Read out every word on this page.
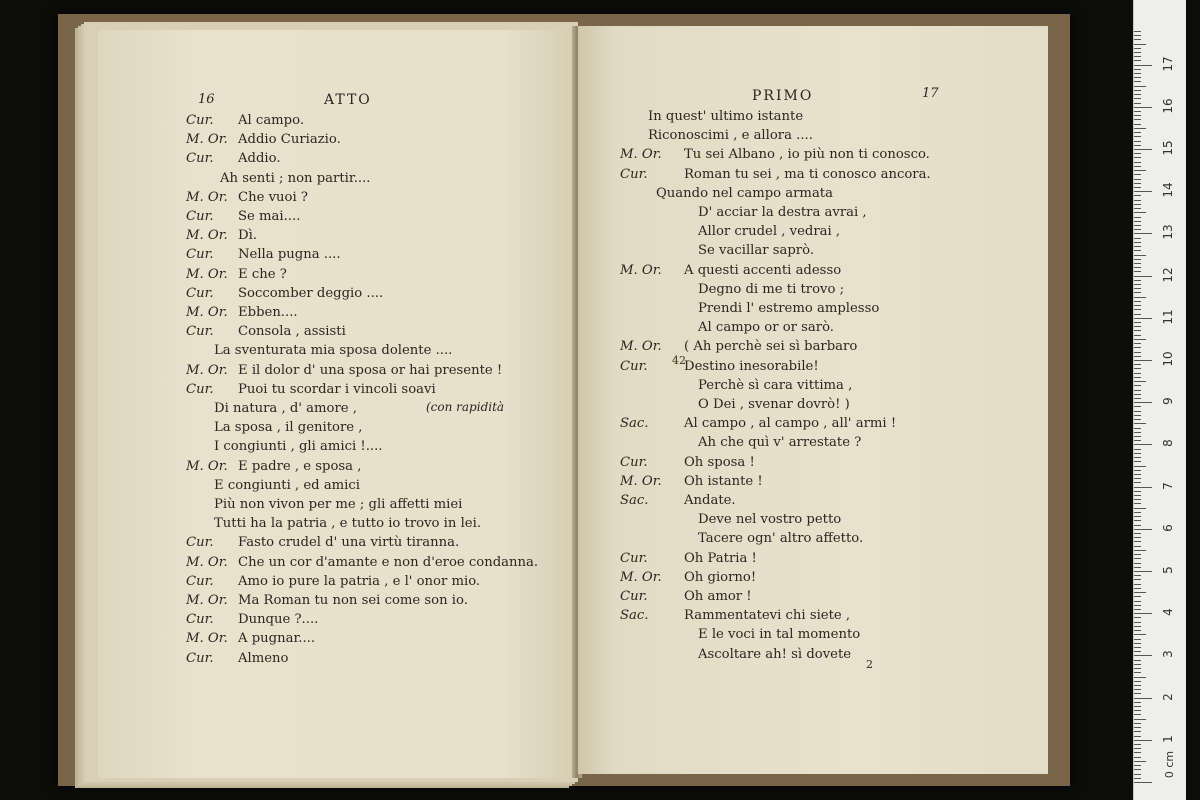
16	ATTO
Cur. Al campo.
M. Or. Addio Curiazio.
Cur. Addio.
Ah senti ; non partir....
M. Or. Che vuoi ?
Cur. Se mai....
M. Or. Dì.
Cur. Nella pugna ....
M. Or. E che ?
Cur. Soccomber deggio ....
M. Or. Ebben....
Cur. Consola , assisti
La sventurata mia sposa dolente ....
M. Or. E il dolor d' una sposa or hai presente !
Cur. Puoi tu scordar i vincoli soavi
Di natura , d' amore ,
La sposa , il genitore ,
I congiunti , gli amici !....
M. Or. E padre , e sposa ,
E congiunti , ed amici
Più non vivon per me ; gli affetti miei
Tutti ha la patria , e tutto io trovo in lei.
Cur. Fasto crudel d' una virtù tiranna.
M. Or. Che un cor d'amante e non d'eroe condanna.
Cur. Amo io pure la patria , e l' onor mio.
M. Or. Ma Roman tu non sei come son io.
Cur. Dunque ?....
M. Or. A pugnar....
Cur. Almeno
(con rapidità
PRIMO	17
In quest' ultimo istante
Riconoscimi , e allora ....
M. Or. Tu sei Albano , io più non ti conosco.
Cur.	Roman tu sei , ma ti conosco ancora.
Quando nel campo armata
D' acciar la destra avrai ,
Allor crudel , vedrai ,
Se vacillar saprò.
M. Or. A questi accenti adesso
Degno di me ti trovo ;
Prendi l' estremo amplesso
Al campo or or sarò.
M. Or. ( Ah perchè sei sì barbaro
Cur.	Destino inesorabile!
Perchè sì cara vittima ,
O Dei , svenar dovrò! )
Sac.	Al campo , al campo , all' armi !
Ah che quì v' arrestate ?
Cur.	Oh sposa !
M. Or. Oh istante !
Sac.	Andate.
Deve nel vostro petto
Tacere ogn' altro affetto.
Cur.	Oh Patria !
M. Or. Oh giorno!
Cur.	Oh amor !
Sac.	Rammentatevi chi siete ,
E le voci in tal momento
Ascoltare ah! sì dovete
42
2
1
2
3
4
5
6
7
8
9
10
11
12
13
14
15
16
17
0 cm
